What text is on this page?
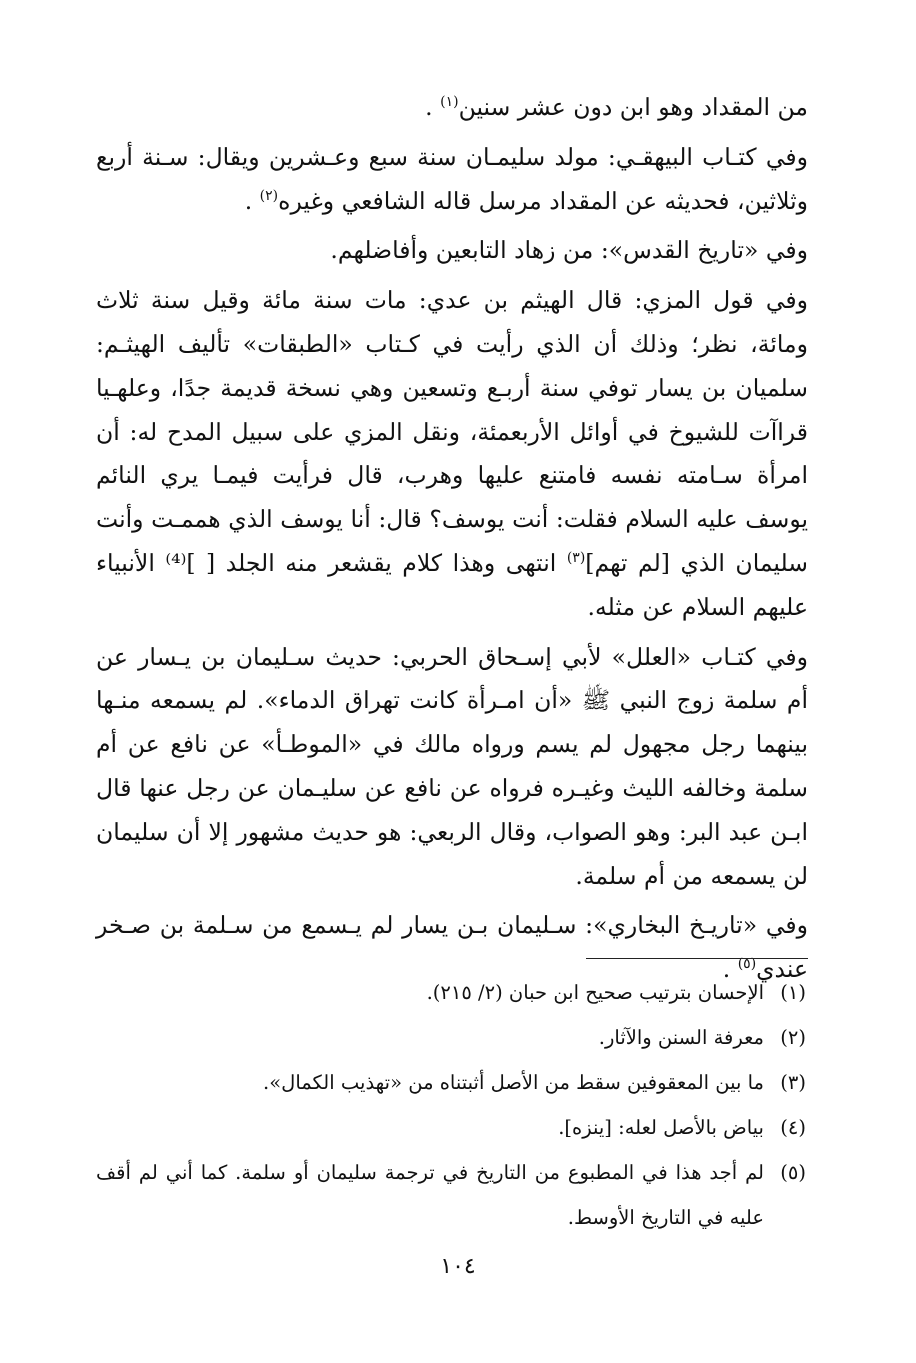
من المقداد وهو ابن دون عشر سنين$^{(١)}$ .

وفي كتـاب البيهقـي: مولد سليمـان سنة سبع وعـشرين ويقال: سـنة أربع وثلاثين، فحديثه عن المقداد مرسل قاله الشافعي وغيره$^{(٢)}$ .

وفي «تاريخ القدس»: من زهاد التابعين وأفاضلهم.

وفي قول المزي: قال الهيثم بن عدي: مات سنة مائة وقيل سنة ثلاث ومائة، نظر؛ وذلك أن الذي رأيت في كـتاب «الطبقات» تأليف الهيثـم: سلميان بن يسار توفي سنة أربـع وتسعين وهي نسخة قديمة جدًا، وعلهـيا قراآت للشيوخ في أوائل الأربعمئة، ونقل المزي على سبيل المدح له: أن امرأة سـامته نفسه فامتنع عليها وهرب، قال فرأيت فيمـا يري النائم يوسف عليه السلام فقلت: أنت يوسف؟ قال: أنا يوسف الذي هممـت وأنت سليمان الذي [لم تهم]$^{(٣)}$ انتهى وهذا كلام يقشعر منه الجلد [ ]⁽⁴⁾ الأنبياء عليهم السلام عن مثله.

وفي كتـاب «العلل» لأبي إسـحاق الحربي: حديث سـليمان بن يـسار عن أم سلمة زوج النبي ﷺ «أن امـرأة كانت تهراق الدماء». لم يسمعه منـها بينهما رجل مجهول لم يسم ورواه مالك في «الموطـأ» عن نافع عن أم سلمة وخالفه الليث وغيـره فرواه عن نافع عن سليـمان عن رجل عنها قال ابـن عبد البر: وهو الصواب، وقال الربعي: هو حديث مشهور إلا أن سليمان لن يسمعه من أم سلمة.

وفي «تاريـخ البخاري»: سـليمان بـن يسار لم يـسمع من سـلمة بن صـخر عندي$^{(٥)}$ .

(١)
الإحسان بترتيب صحيح ابن حبان (٢/ ٢١٥).
(٢)
معرفة السنن والآثار.
(٣)
ما بين المعقوفين سقط من الأصل أثبتناه من «تهذيب الكمال».
(٤)
بياض بالأصل لعله: [ينزه].
(٥)
لم أجد هذا في المطبوع من التاريخ في ترجمة سليمان أو سلمة. كما أني لم أقف عليه في التاريخ الأوسط.
١٠٤
